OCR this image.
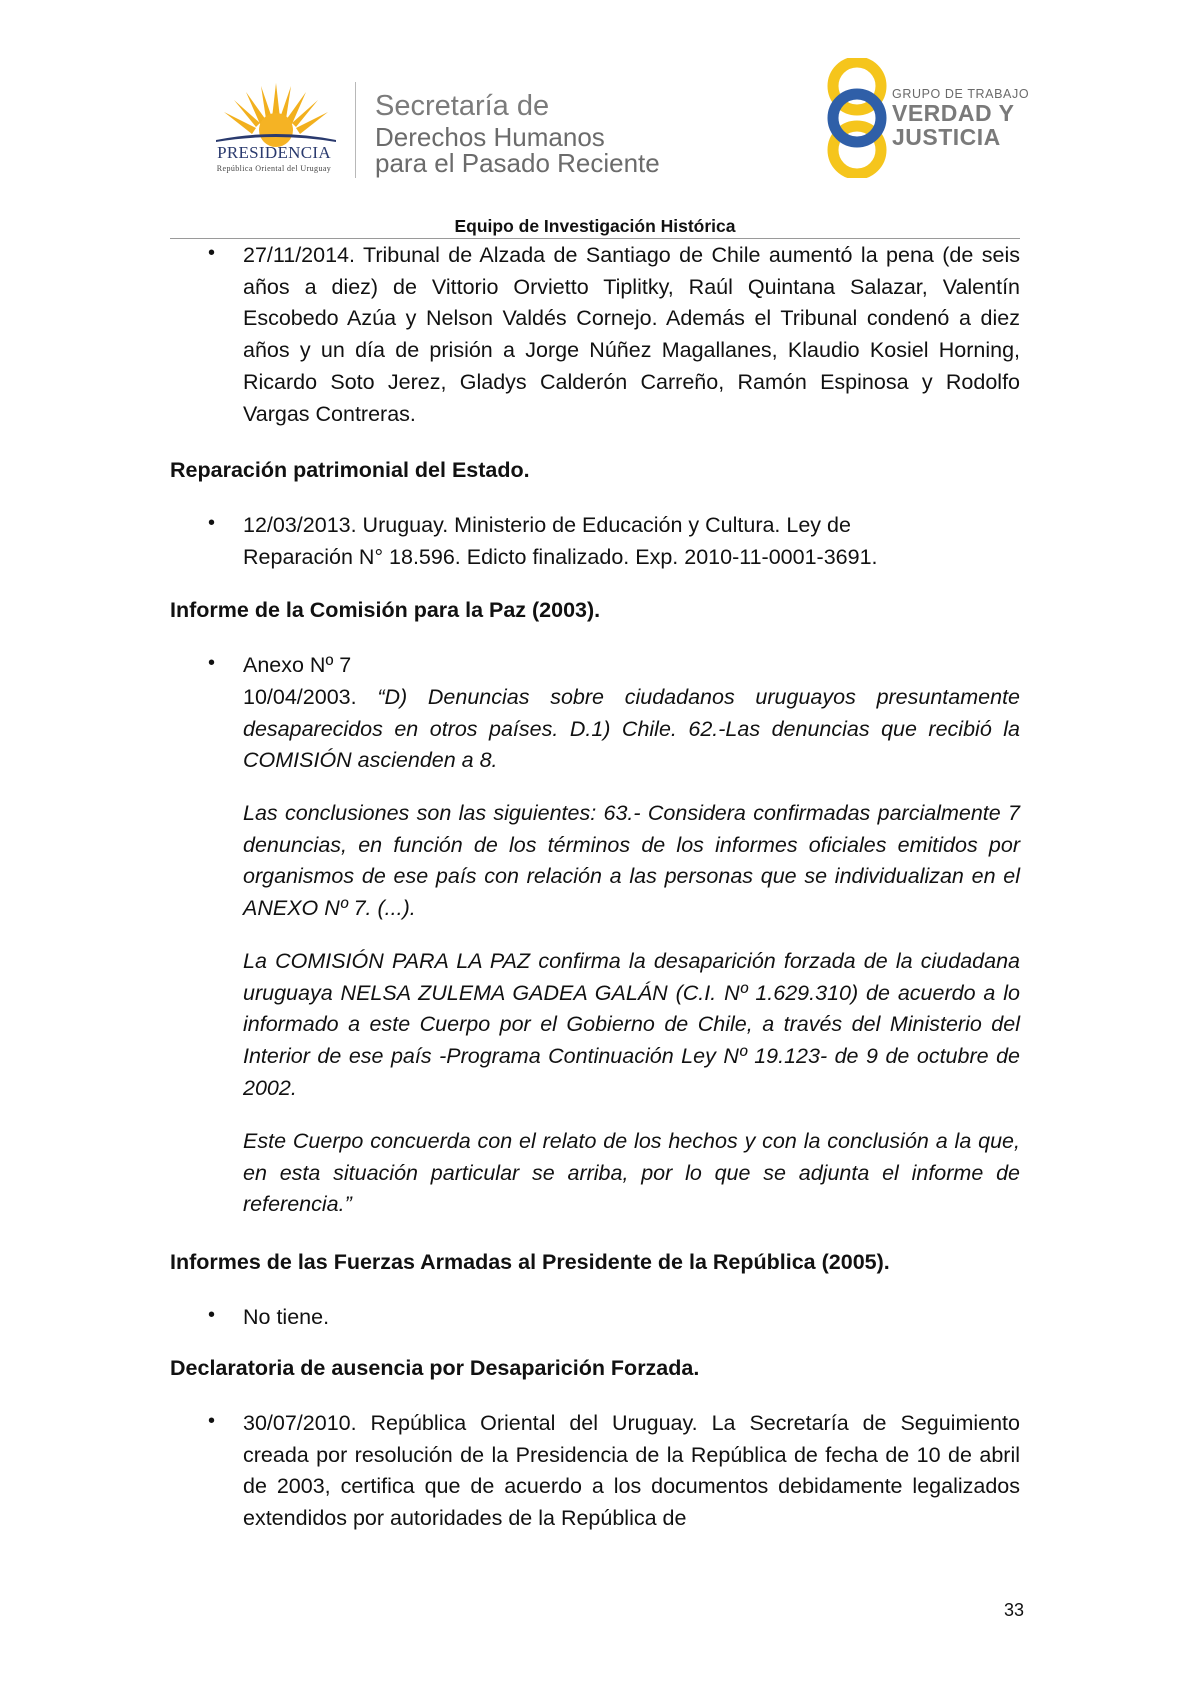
PRESIDENCIA
República Oriental del Uruguay
Secretaría de
Derechos Humanos
para el Pasado Reciente
GRUPO DE TRABAJO
VERDAD Y
JUSTICIA
Equipo de Investigación Histórica
• 27/11/2014. Tribunal de Alzada de Santiago de Chile aumentó la pena (de seis años a diez) de Vittorio Orvietto Tiplitky, Raúl Quintana Salazar, Valentín Escobedo Azúa y Nelson Valdés Cornejo. Además el Tribunal condenó a diez años y un día de prisión a Jorge Núñez Magallanes, Klaudio Kosiel Horning, Ricardo Soto Jerez, Gladys Calderón Carreño, Ramón Espinosa y Rodolfo Vargas Contreras.
Reparación patrimonial del Estado.
• 12/03/2013. Uruguay. Ministerio de Educación y Cultura. Ley de
Reparación N° 18.596. Edicto finalizado. Exp. 2010-11-0001-3691.
Informe de la Comisión para la Paz (2003).
• Anexo Nº 7
10/04/2003. “D) Denuncias sobre ciudadanos uruguayos presuntamente desaparecidos en otros países. D.1) Chile. 62.-Las denuncias que recibió la COMISIÓN ascienden a 8.
Las conclusiones son las siguientes: 63.- Considera confirmadas parcialmente 7 denuncias, en función de los términos de los informes oficiales emitidos por organismos de ese país con relación a las personas que se individualizan en el ANEXO Nº 7. (...).
La COMISIÓN PARA LA PAZ confirma la desaparición forzada de la ciudadana uruguaya NELSA ZULEMA GADEA GALÁN (C.I. Nº 1.629.310) de acuerdo a lo informado a este Cuerpo por el Gobierno de Chile, a través del Ministerio del Interior de ese país -Programa Continuación Ley Nº 19.123- de 9 de octubre de 2002.
Este Cuerpo concuerda con el relato de los hechos y con la conclusión a la que, en esta situación particular se arriba, por lo que se adjunta el informe de referencia.”
Informes de las Fuerzas Armadas al Presidente de la República (2005).
• No tiene.
Declaratoria de ausencia por Desaparición Forzada.
• 30/07/2010. República Oriental del Uruguay. La Secretaría de Seguimiento creada por resolución de la Presidencia de la República de fecha de 10 de abril de 2003, certifica que de acuerdo a los documentos debidamente legalizados extendidos por autoridades de la República de
33
